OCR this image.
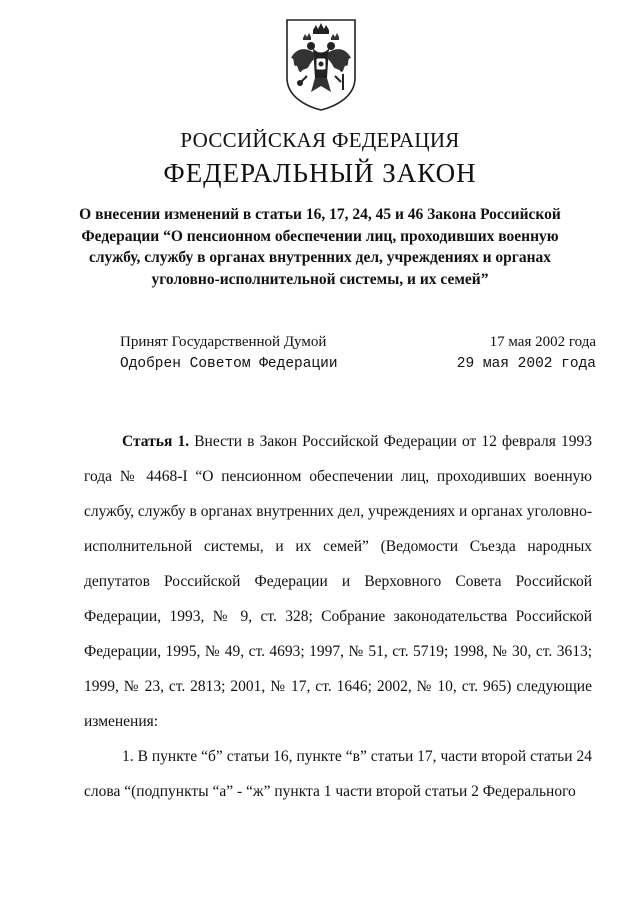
РОССИЙСКАЯ ФЕДЕРАЦИЯ
ФЕДЕРАЛЬНЫЙ ЗАКОН
О внесении изменений в статьи 16, 17, 24, 45 и 46 Закона Российской Федерации “О пенсионном обеспечении лиц, проходивших военную службу, службу в органах внутренних дел, учреждениях и органах уголовно-исполнительной системы, и их семей”
Принят Государственной Думой	17 мая 2002 года
Одобрен Советом Федерации	29 мая 2002 года

Статья 1. Внести в Закон Российской Федерации от 12 февраля 1993 года № 4468-I “О пенсионном обеспечении лиц, проходивших военную службу, службу в органах внутренних дел, учреждениях и органах уголовно-исполнительной системы, и их семей” (Ведомости Съезда народных депутатов Российской Федерации и Верховного Совета Российской Федерации, 1993, № 9, ст. 328; Собрание законодательства Российской Федерации, 1995, № 49, ст. 4693; 1997, № 51, ст. 5719; 1998, № 30, ст. 3613; 1999, № 23, ст. 2813; 2001, № 17, ст. 1646; 2002, № 10, ст. 965) следующие изменения:

1. В пункте “б” статьи 16, пункте “в” статьи 17, части второй статьи 24 слова “(подпункты “а” - “ж” пункта 1 части второй статьи 2 Федерального
